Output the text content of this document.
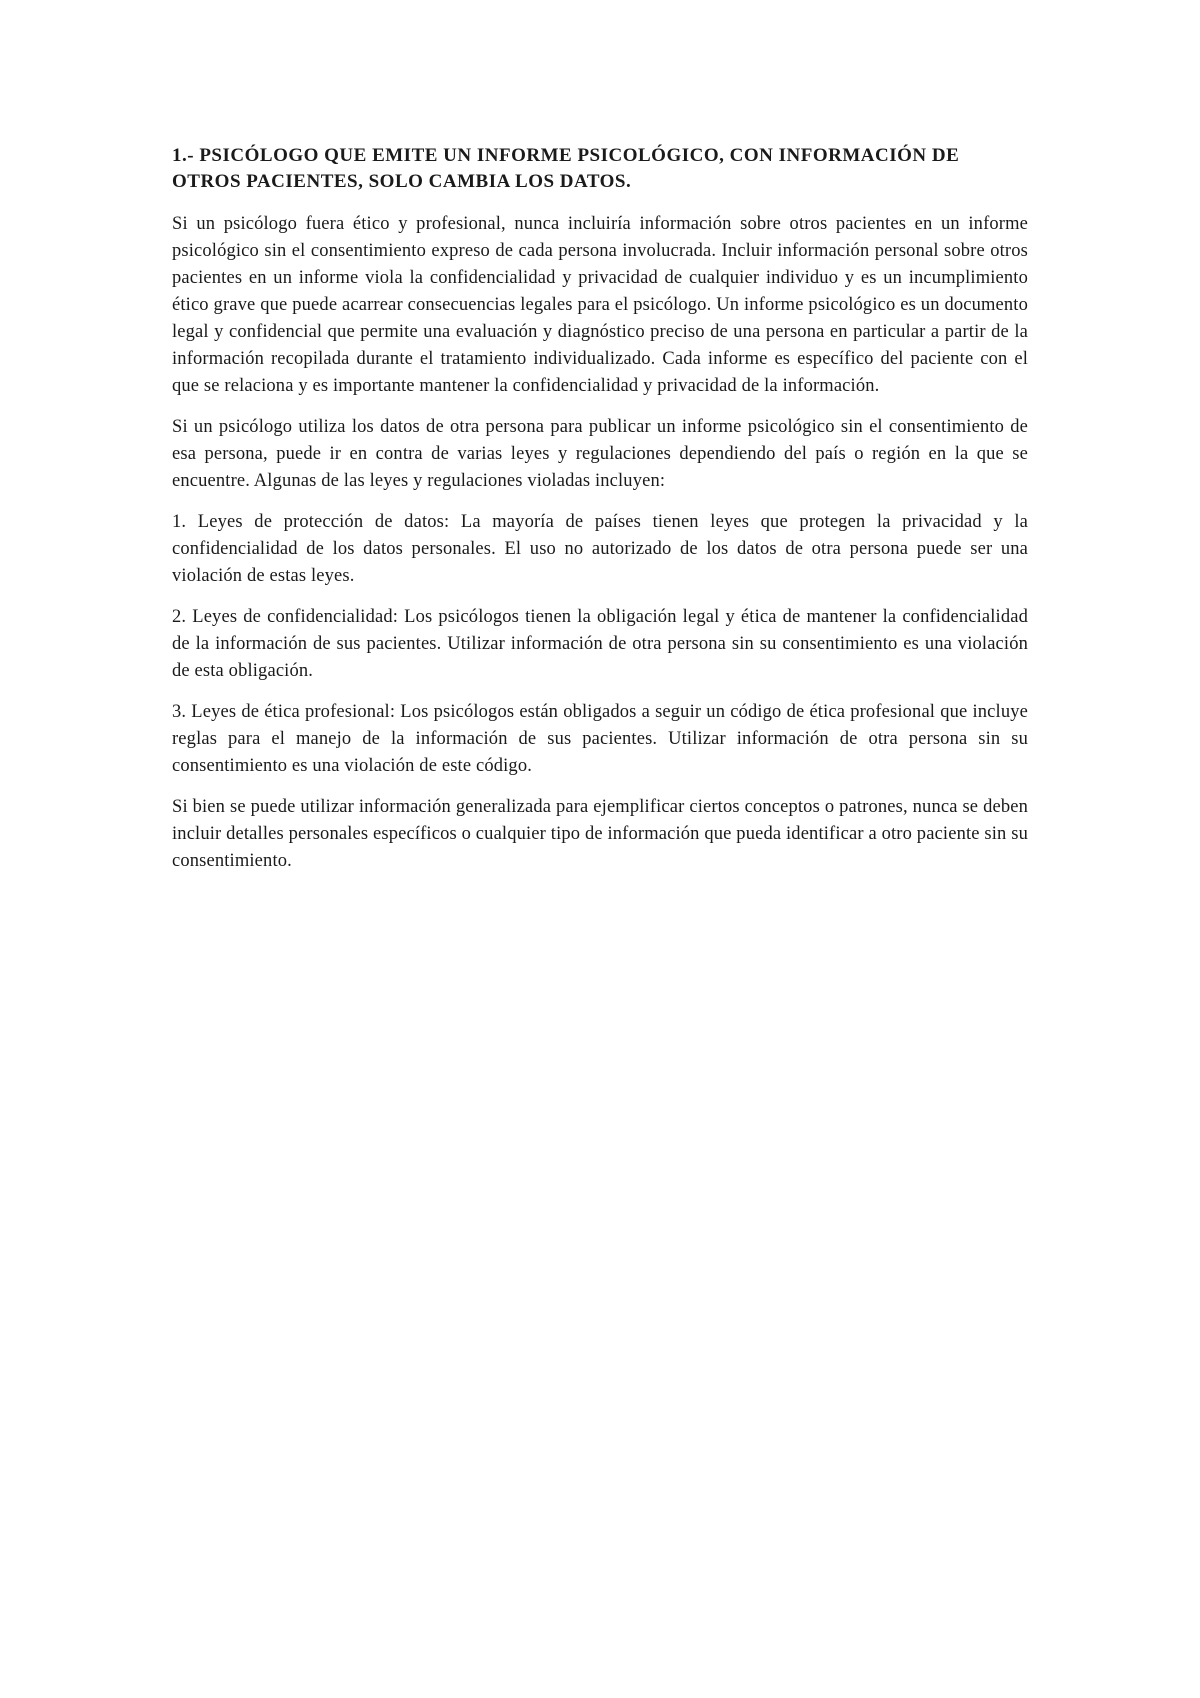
1.- PSICÓLOGO QUE EMITE UN INFORME PSICOLÓGICO, CON INFORMACIÓN DE OTROS PACIENTES, SOLO CAMBIA LOS DATOS.

Si un psicólogo fuera ético y profesional, nunca incluiría información sobre otros pacientes en un informe psicológico sin el consentimiento expreso de cada persona involucrada. Incluir información personal sobre otros pacientes en un informe viola la confidencialidad y privacidad de cualquier individuo y es un incumplimiento ético grave que puede acarrear consecuencias legales para el psicólogo. Un informe psicológico es un documento legal y confidencial que permite una evaluación y diagnóstico preciso de una persona en particular a partir de la información recopilada durante el tratamiento individualizado. Cada informe es específico del paciente con el que se relaciona y es importante mantener la confidencialidad y privacidad de la información.

Si un psicólogo utiliza los datos de otra persona para publicar un informe psicológico sin el consentimiento de esa persona, puede ir en contra de varias leyes y regulaciones dependiendo del país o región en la que se encuentre. Algunas de las leyes y regulaciones violadas incluyen:

1. Leyes de protección de datos: La mayoría de países tienen leyes que protegen la privacidad y la confidencialidad de los datos personales. El uso no autorizado de los datos de otra persona puede ser una violación de estas leyes.

2. Leyes de confidencialidad: Los psicólogos tienen la obligación legal y ética de mantener la confidencialidad de la información de sus pacientes. Utilizar información de otra persona sin su consentimiento es una violación de esta obligación.

3. Leyes de ética profesional: Los psicólogos están obligados a seguir un código de ética profesional que incluye reglas para el manejo de la información de sus pacientes. Utilizar información de otra persona sin su consentimiento es una violación de este código.

Si bien se puede utilizar información generalizada para ejemplificar ciertos conceptos o patrones, nunca se deben incluir detalles personales específicos o cualquier tipo de información que pueda identificar a otro paciente sin su consentimiento.
